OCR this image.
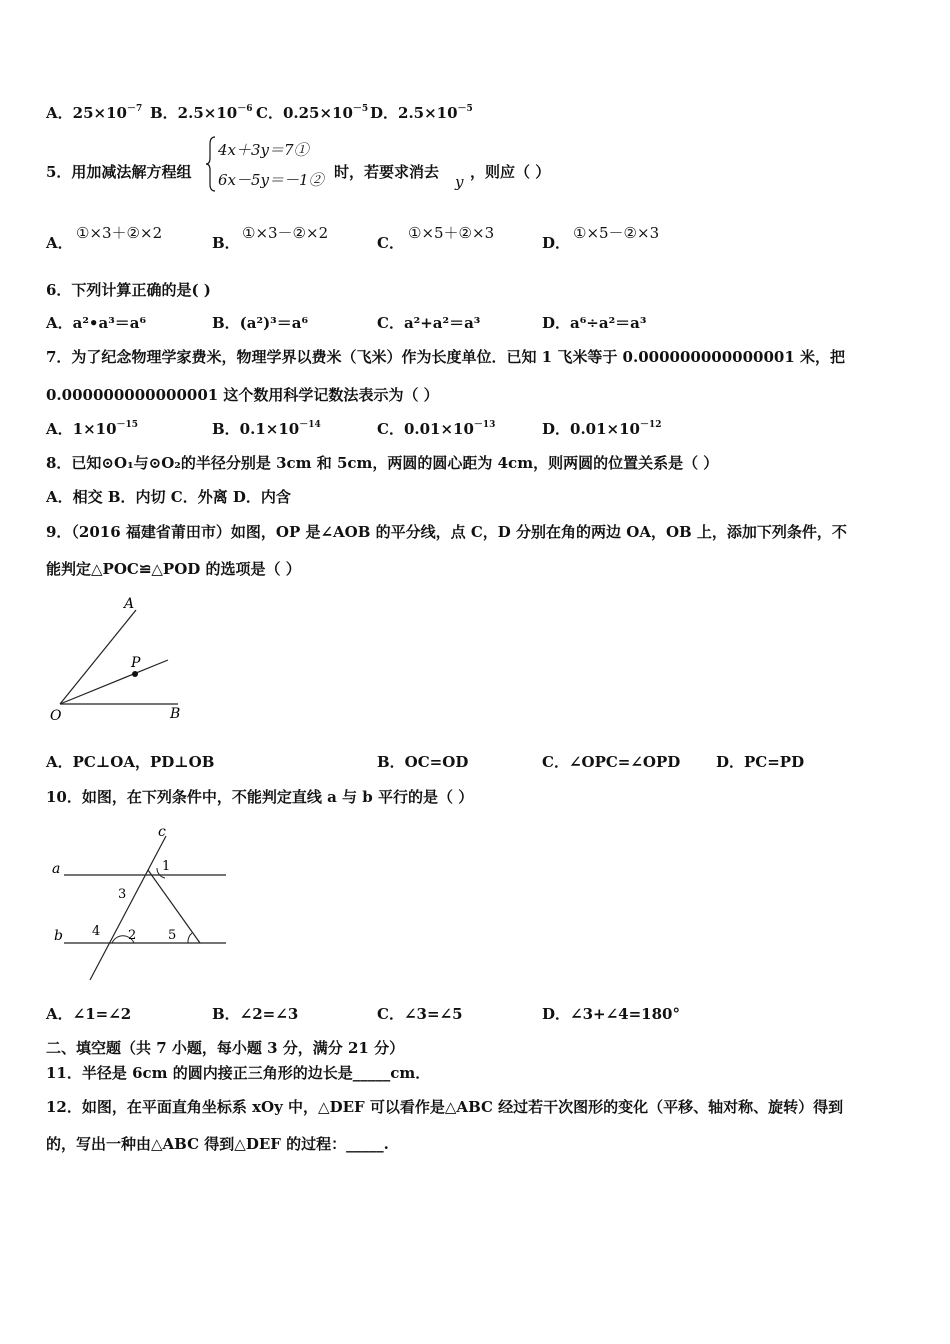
A．$25\times 10^{-7}$ B．$2.5\times 10^{-6}$ C．$0.25\times 10^{-5}$ D．$2.5\times 10^{-5}$
5．用加减法解方程组
4x＋3y＝7①
6x－5y＝－1② 时，若要求消去
y
，则应（ ）
A．
①×3＋②×2
B．
①×3－②×2
C．
①×5＋②×3
D．
①×5－②×3
6．下列计算正确的是( )
A．a²•a³＝a⁶	B．(a²)³＝a⁶	C．a²+a²＝a³	D．a⁶÷a²＝a³
7．为了纪念物理学家费米，物理学界以费米（飞米）作为长度单位．已知 1 飞米等于 0.000000000000001 米，把
0.000000000000001 这个数用科学记数法表示为（ ）
A．$1\times 10^{-15}$	B．$0.1\times 10^{-14}$	C．$0.01\times 10^{-13}$	D．$0.01\times 10^{-12}$
8．已知⊙O₁与⊙O₂的半径分别是 3cm 和 5cm，两圆的圆心距为 4cm，则两圆的位置关系是（ ）
A．相交 B．内切 C．外离 D．内含
9．（2016 福建省莆田市）如图，OP 是∠AOB 的平分线，点 C，D 分别在角的两边 OA，OB 上，添加下列条件，不
能判定△POC≌△POD 的选项是（ ）
A
P
O	B
A．PC⊥OA，PD⊥OB	B．OC=OD	C．∠OPC=∠OPD D．PC=PD
10．如图，在下列条件中，不能判定直线 a 与 b 平行的是（ ）
c
a
b
1
3
4 2 5
A．∠1=∠2	B．∠2=∠3	C．∠3=∠5	D．∠3+∠4=180°
二、填空题（共 7 小题，每小题 3 分，满分 21 分）
11．半径是 6cm 的圆内接正三角形的边长是_____cm．
12．如图，在平面直角坐标系 xOy 中，△DEF 可以看作是△ABC 经过若干次图形的变化（平移、轴对称、旋转）得到
的，写出一种由△ABC 得到△DEF 的过程：_____.
